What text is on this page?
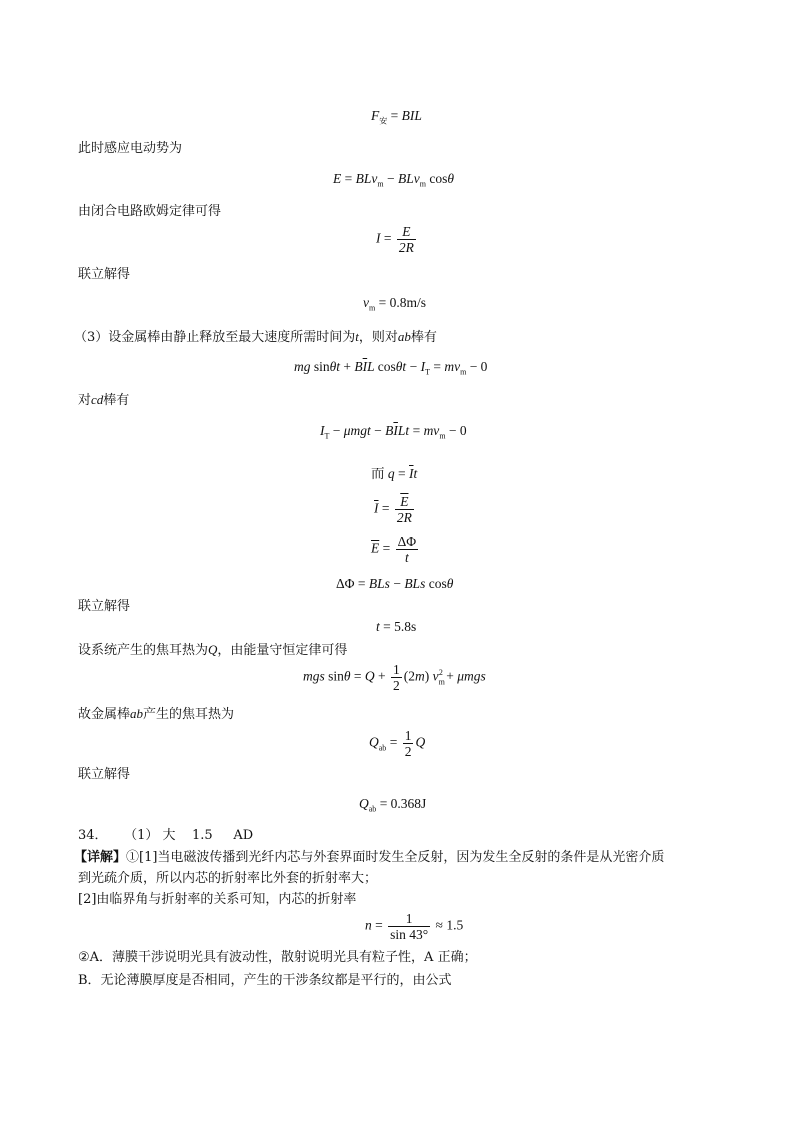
$F_安$ = BIL
此时感应电动势为
E = BLv$_m$ − BLv$_m$ cosθ
由闭合电路欧姆定律可得
$I = \frac{E}{2R}$
联立解得
$v_m = 0.8m/s$
（3）设金属棒由静止释放至最大速度所需时间为t，则对ab棒有
mg $\sin\theta t + B\overline{I}L$ $\cos\theta t - I_T = mv_m - 0$
对cd棒有
$I_T - \mu mgt - B\overline{I}Lt = mv_m - 0$
而 $q = \overline{I}t$
$\overline{I} = \frac{\overline{E}}{2R}$
$\overline{E} = \frac{\Delta\Phi}{t}$
ΔΦ = BLs − BLs cosθ
联立解得
t = 5.8s
设系统产生的焦耳热为Q，由能量守恒定律可得
mgs $\sin\theta = Q + \frac{1}{2} (2m) v_m^2 + \mu mgs$
故金属棒ab产生的焦耳热为
$Q_{ab} = \frac{1}{2}$ Q
联立解得
$Q_{ab} = 0.368J$
34．    （1） 大    1.5     AD
【详解】①[1]当电磁波传播到光纤内芯与外套界面时发生全反射，因为发生全反射的条件是从光密介质
到光疏介质，所以内芯的折射率比外套的折射率大；
[2]由临界角与折射率的关系可知，内芯的折射率
$n = \frac{1}{\sin 43^\circ} \approx 1.5$
②A．薄膜干涉说明光具有波动性，散射说明光具有粒子性，A 正确；
B．无论薄膜厚度是否相同，产生的干涉条纹都是平行的，由公式
